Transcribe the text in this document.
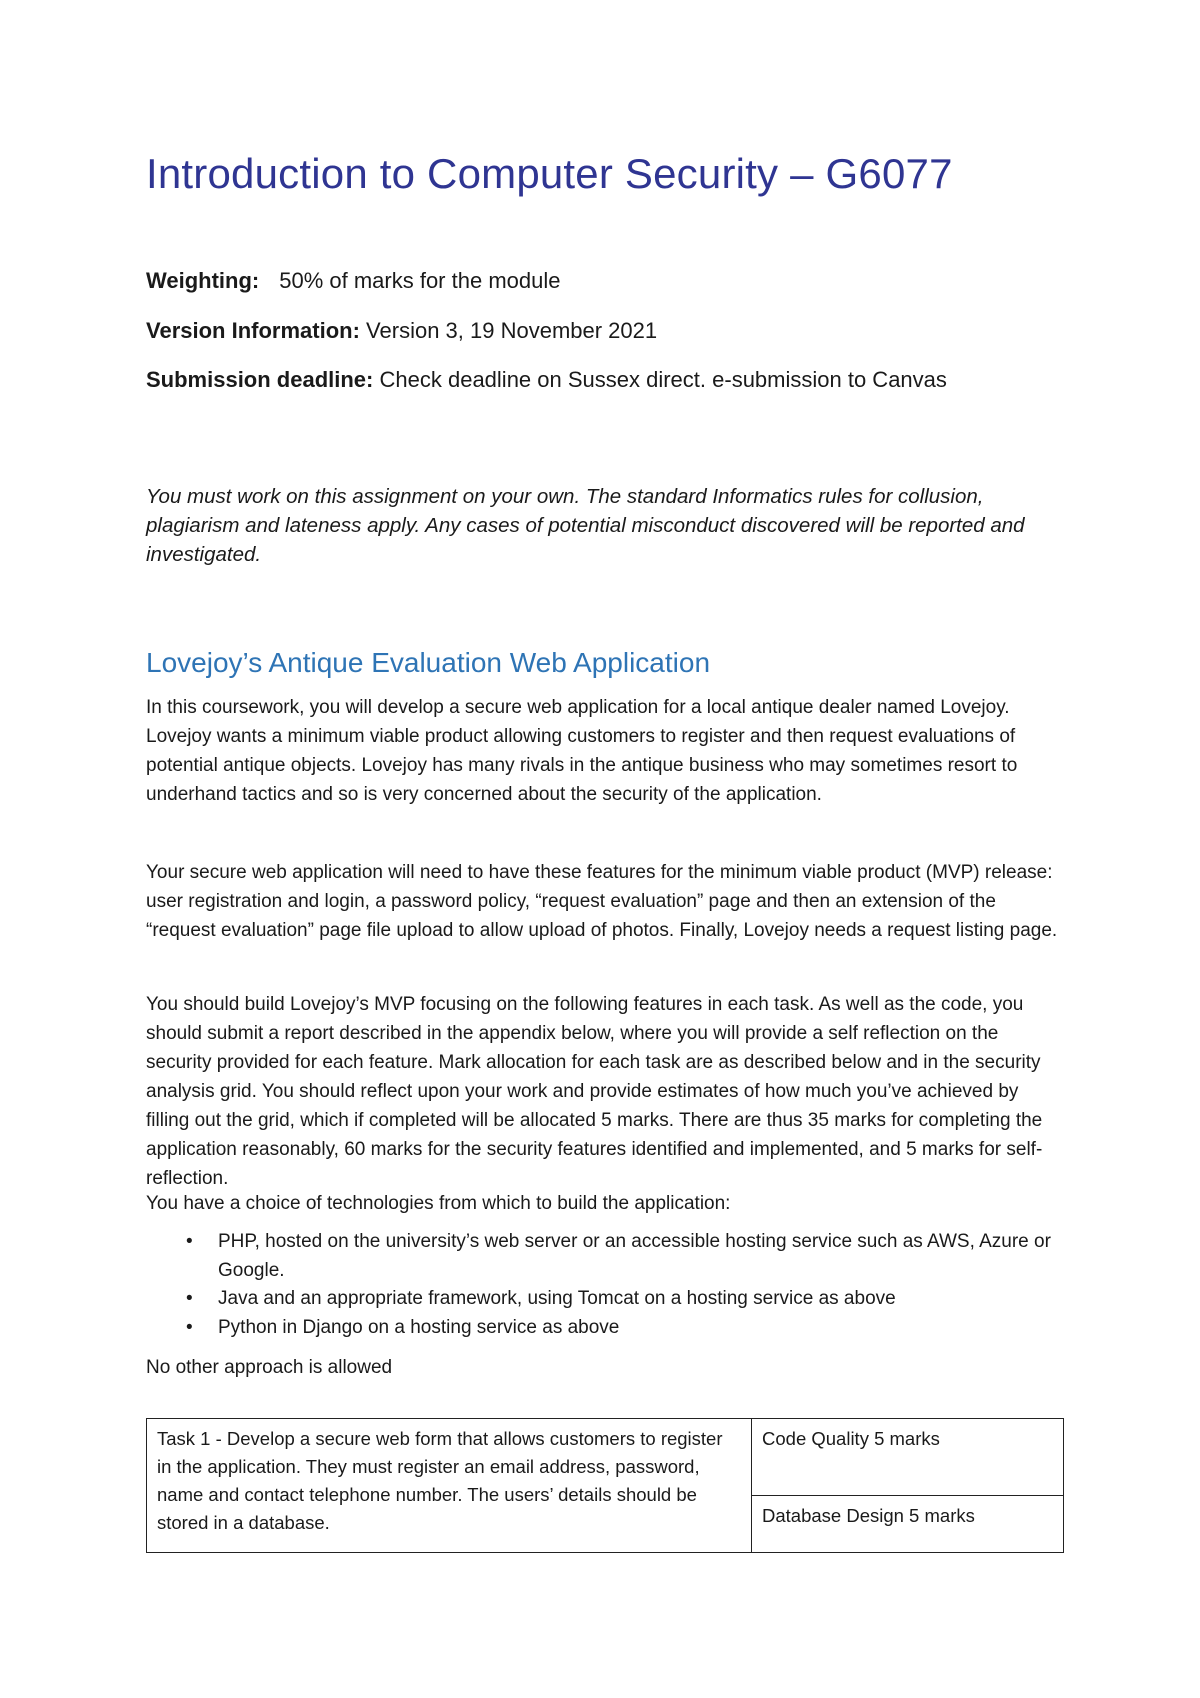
Introduction to Computer Security – G6077

Weighting: 50% of marks for the module

Version Information: Version 3, 19 November 2021

Submission deadline: Check deadline on Sussex direct. e-submission to Canvas

You must work on this assignment on your own. The standard Informatics rules for collusion, plagiarism and lateness apply. Any cases of potential misconduct discovered will be reported and investigated.

Lovejoy’s Antique Evaluation Web Application

In this coursework, you will develop a secure web application for a local antique dealer named Lovejoy. Lovejoy wants a minimum viable product allowing customers to register and then request evaluations of potential antique objects. Lovejoy has many rivals in the antique business who may sometimes resort to underhand tactics and so is very concerned about the security of the application.

Your secure web application will need to have these features for the minimum viable product (MVP) release: user registration and login, a password policy, “request evaluation” page and then an extension of the “request evaluation” page file upload to allow upload of photos. Finally, Lovejoy needs a request listing page.

You should build Lovejoy’s MVP focusing on the following features in each task. As well as the code, you should submit a report described in the appendix below, where you will provide a self reflection on the security provided for each feature. Mark allocation for each task are as described below and in the security analysis grid. You should reflect upon your work and provide estimates of how much you’ve achieved by filling out the grid, which if completed will be allocated 5 marks. There are thus 35 marks for completing the application reasonably, 60 marks for the security features identified and implemented, and 5 marks for self-reflection.

You have a choice of technologies from which to build the application:

• PHP, hosted on the university’s web server or an accessible hosting service such as AWS, Azure or Google.
• Java and an appropriate framework, using Tomcat on a hosting service as above
• Python in Django on a hosting service as above

No other approach is allowed

Task 1 - Develop a secure web form that allows customers to register in the application. They must register an email address, password, name and contact telephone number. The users’ details should be stored in a database.	Code Quality 5 marks
Database Design 5 marks
